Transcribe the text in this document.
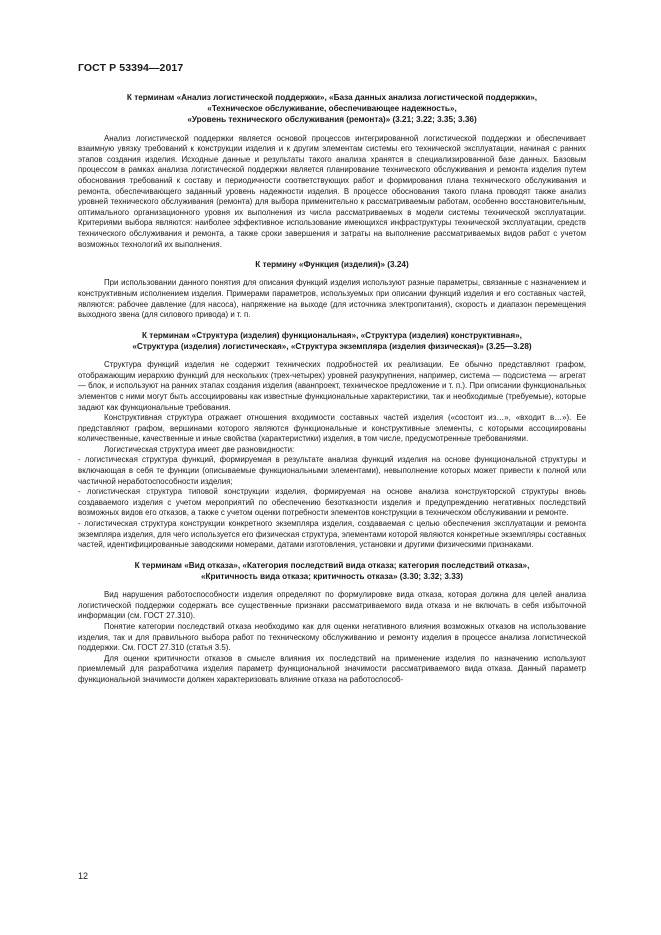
ГОСТ Р 53394—2017
К терминам «Анализ логистической поддержки», «База данных анализа логистической поддержки»,
«Техническое обслуживание, обеспечивающее надежность»,
«Уровень технического обслуживания (ремонта)» (3.21; 3.22; 3.35; 3.36)

Анализ логистической поддержки является основой процессов интегрированной логистической поддержки и обеспечивает взаимную увязку требований к конструкции изделия и к другим элементам системы его технической эксплуатации, начиная с ранних этапов создания изделия. Исходные данные и результаты такого анализа хранятся в специализированной базе данных. Базовым процессом в рамках анализа логистической поддержки является планирование технического обслуживания и ремонта изделия путем обоснования требований к составу и периодичности соответствующих работ и формирования плана технического обслуживания и ремонта, обеспечивающего заданный уровень надежности изделия. В процессе обоснования такого плана проводят также анализ уровней технического обслуживания (ремонта) для выбора применительно к рассматриваемым работам, особенно восстановительным, оптимального организационного уровня их выполнения из числа рассматриваемых в модели системы технической эксплуатации. Критериями выбора являются: наиболее эффективное использование имеющихся инфраструктуры технической эксплуатации, средств технического обслуживания и ремонта, а также сроки завершения и затраты на выполнение рассматриваемых видов работ с учетом возможных технологий их выполнения.

К термину «Функция (изделия)» (3.24)

При использовании данного понятия для описания функций изделия используют разные параметры, связанные с назначением и конструктивным исполнением изделия. Примерами параметров, используемых при описании функций изделия и его составных частей, являются: рабочее давление (для насоса), напряжение на выходе (для источника электропитания), скорость и диапазон перемещения выходного звена (для силового привода) и т. п.

К терминам «Структура (изделия) функциональная», «Структура (изделия) конструктивная»,
«Структура (изделия) логистическая», «Структура экземпляра (изделия физическая)» (3.25—3.28)

Структура функций изделия не содержит технических подробностей их реализации. Ее обычно представляют графом, отображающим иерархию функций для нескольких (трех-четырех) уровней разукрупнения, например, система — подсистема — агрегат — блок, и используют на ранних этапах создания изделия (аванпроект, техническое предложение и т. п.). При описании функциональных элементов с ними могут быть ассоциированы как известные функциональные характеристики, так и необходимые (требуемые), которые задают как функциональные требования.

Конструктивная структура отражает отношения входимости составных частей изделия («состоит из…», «входит в…»). Ее представляют графом, вершинами которого являются функциональные и конструктивные элементы, с которыми ассоциированы количественные, качественные и иные свойства (характеристики) изделия, в том числе, предусмотренные требованиями.

Логистическая структура имеет две разновидности:

- логистическая структура функций, формируемая в результате анализа функций изделия на основе функциональной структуры и включающая в себя те функции (описываемые функциональными элементами), невыполнение которых может привести к полной или частичной неработоспособности изделия;

- логистическая структура типовой конструкции изделия, формируемая на основе анализа конструкторской структуры вновь создаваемого изделия с учетом мероприятий по обеспечению безотказности изделия и предупреждению негативных последствий возможных видов его отказов, а также с учетом оценки потребности элементов конструкции в техническом обслуживании и ремонте.

- логистическая структура конструкции конкретного экземпляра изделия, создаваемая с целью обеспечения эксплуатации и ремонта экземпляра изделия, для чего используется его физическая структура, элементами которой являются конкретные экземпляры составных частей, идентифицированные заводскими номерами, датами изготовления, установки и другими физическими признаками.

К терминам «Вид отказа», «Категория последствий вида отказа; категория последствий отказа»,
«Критичность вида отказа; критичность отказа» (3.30; 3.32; 3.33)

Вид нарушения работоспособности изделия определяют по формулировке вида отказа, которая должна для целей анализа логистической поддержки содержать все существенные признаки рассматриваемого вида отказа и не включать в себя избыточной информации (см. ГОСТ 27.310).

Понятие категории последствий отказа необходимо как для оценки негативного влияния возможных отказов на использование изделия, так и для правильного выбора работ по техническому обслуживанию и ремонту изделия в процессе анализа логистической поддержки. См. ГОСТ 27.310 (статья 3.5).

Для оценки критичности отказов в смысле влияния их последствий на применение изделия по назначению используют приемлемый для разработчика изделия параметр функциональной значимости рассматриваемого вида отказа. Данный параметр функциональной значимости должен характеризовать влияние отказа на работоспособ-

12
